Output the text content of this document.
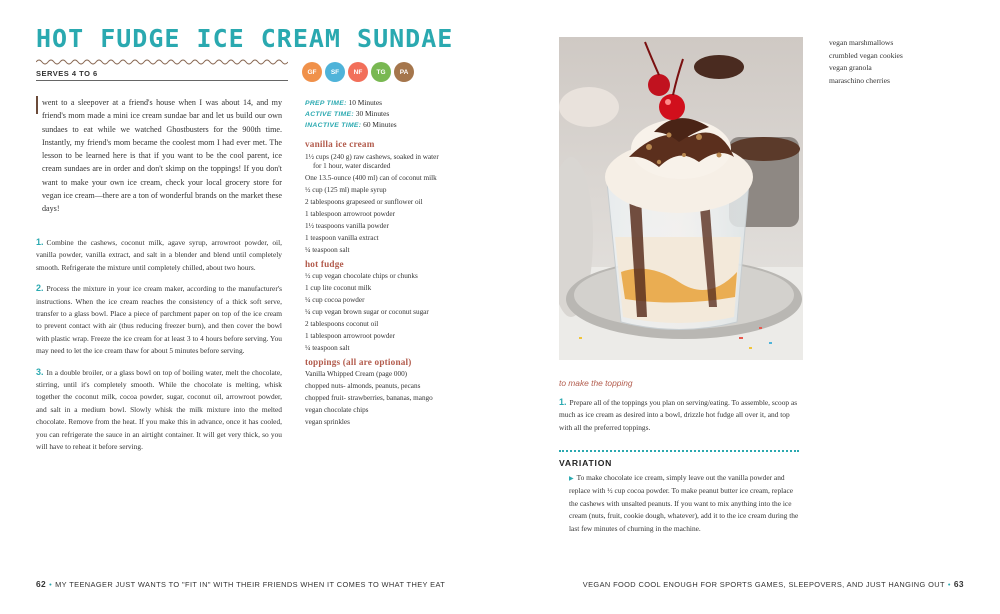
HOT FUDGE ICE CREAM SUNDAE
SERVES 4 TO 6	GF	SF	NF	TG	PA
went to a sleepover at a friend's house when I was about 14, and my friend's mom made a mini ice cream sundae bar and let us build our own sundaes to eat while we watched Ghostbusters for the 900th time. Instantly, my friend's mom became the coolest mom I had ever met. The lesson to be learned here is that if you want to be the cool parent, ice cream sundaes are in order and don't skimp on the toppings! If you don't want to make your own ice cream, check your local grocery store for vegan ice cream—there are a ton of wonderful brands on the market these days!
1. Combine the cashews, coconut milk, agave syrup, arrowroot powder, oil, vanilla powder, vanilla extract, and salt in a blender and blend until completely smooth. Refrigerate the mixture until completely chilled, about two hours.
2. Process the mixture in your ice cream maker, according to the manufacturer's instructions. When the ice cream reaches the consistency of a thick soft serve, transfer to a glass bowl. Place a piece of parchment paper on top of the ice cream to prevent contact with air (thus reducing freezer burn), and then cover the bowl with plastic wrap. Freeze the ice cream for at least 3 to 4 hours before serving. You may need to let the ice cream thaw for about 5 minutes before serving.
3. In a double broiler, or a glass bowl on top of boiling water, melt the chocolate, stirring, until it's completely smooth. While the chocolate is melting, whisk together the coconut milk, cocoa powder, sugar, coconut oil, arrowroot powder, and salt in a medium bowl. Slowly whisk the milk mixture into the melted chocolate. Remove from the heat. If you make this in advance, once it has cooled, you can refrigerate the sauce in an airtight container. It will get very thick, so you will have to reheat it before serving.
PREP TIME: 10 Minutes
ACTIVE TIME: 30 Minutes
INACTIVE TIME: 60 Minutes
vanilla ice cream
1½ cups (240 g) raw cashews, soaked in water for 1 hour, water discarded
One 13.5-ounce (400 ml) can of coconut milk
½ cup (125 ml) maple syrup
2 tablespoons grapeseed or sunflower oil
1 tablespoon arrowroot powder
1½ teaspoons vanilla powder
1 teaspoon vanilla extract
¼ teaspoon salt
hot fudge
½ cup vegan chocolate chips or chunks
1 cup lite coconut milk
¼ cup cocoa powder
¼ cup vegan brown sugar or coconut sugar
2 tablespoons coconut oil
1 tablespoon arrowroot powder
¼ teaspoon salt
toppings (all are optional)
Vanilla Whipped Cream (page 000)
chopped nuts- almonds, peanuts, pecans
chopped fruit- strawberries, bananas, mango
vegan chocolate chips
vegan sprinkles
62 • MY TEENAGER JUST WANTS TO "FIT IN" WITH THEIR FRIENDS WHEN IT COMES TO WHAT THEY EAT
vegan marshmallows
crumbled vegan cookies
vegan granola
maraschino cherries
to make the topping
1. Prepare all of the toppings you plan on serving/eating. To assemble, scoop as much as ice cream as desired into a bowl, drizzle hot fudge all over it, and top with all the preferred toppings.
VARIATION
▶ To make chocolate ice cream, simply leave out the vanilla powder and replace with ½ cup cocoa powder. To make peanut butter ice cream, replace the cashews with unsalted peanuts. If you want to mix anything into the ice cream (nuts, fruit, cookie dough, whatever), add it to the ice cream during the last few minutes of churning in the machine.
VEGAN FOOD COOL ENOUGH FOR SPORTS GAMES, SLEEPOVERS, AND JUST HANGING OUT • 63
